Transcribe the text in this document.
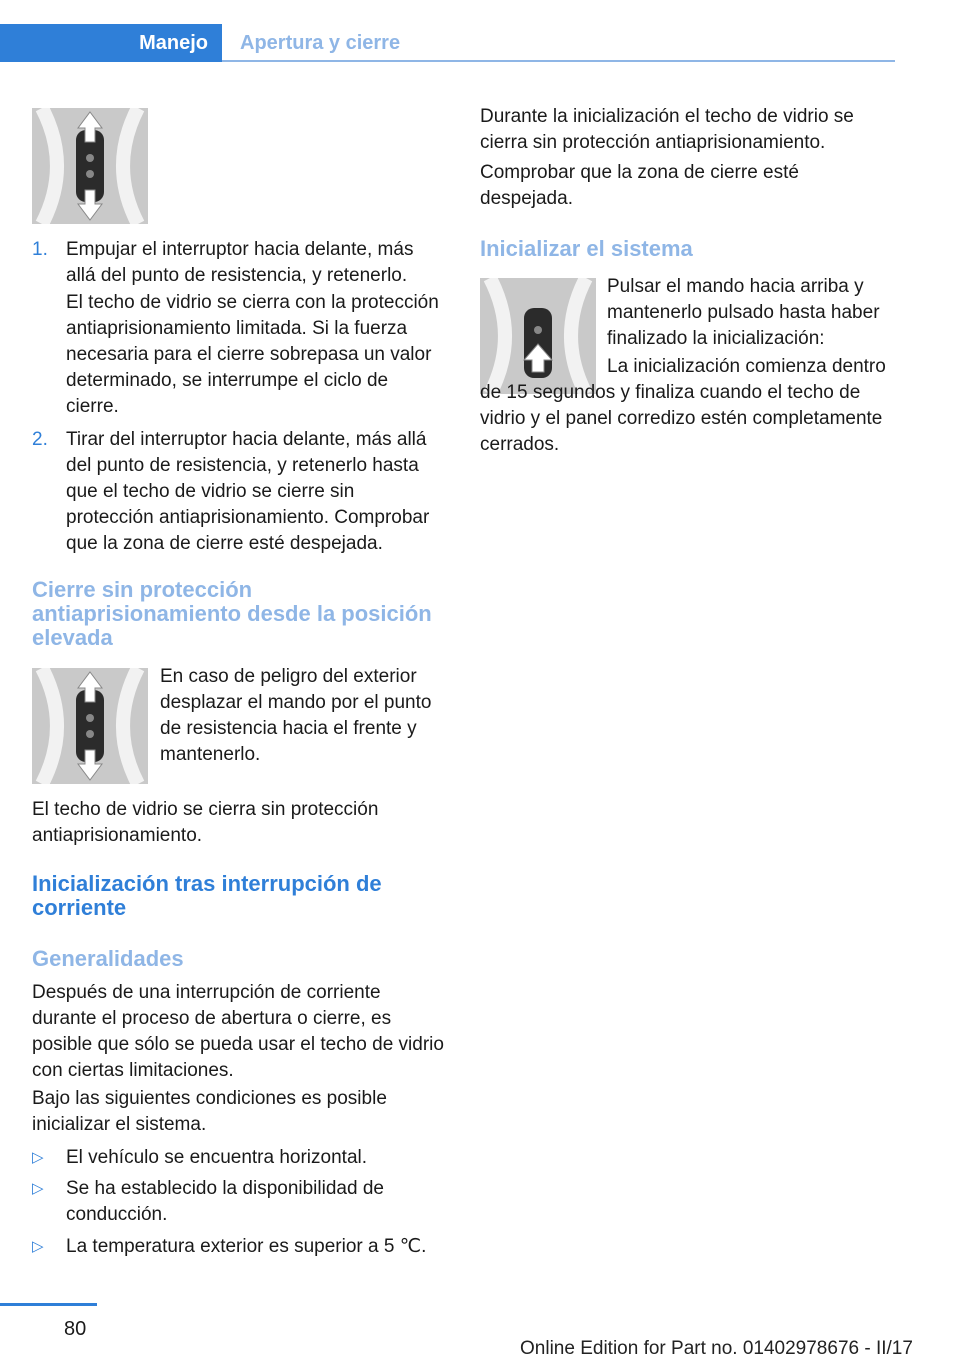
Manejo	Apertura y cierre
1. Empujar el interruptor hacia delante, más allá del punto de resistencia, y retenerlo.

El techo de vidrio se cierra con la protección antiaprisionamiento limitada. Si la fuerza necesaria para el cierre sobrepasa un valor determinado, se interrumpe el ciclo de cierre.

2. Tirar del interruptor hacia delante, más allá del punto de resistencia, y retenerlo hasta que el techo de vidrio se cierre sin protección antiaprisionamiento. Comprobar que la zona de cierre esté despejada.

Cierre sin protección antiaprisionamiento desde la posición elevada

En caso de peligro del exterior desplazar el mando por el punto de resistencia hacia el frente y mantenerlo.

El techo de vidrio se cierra sin protección antiaprisionamiento.

Inicialización tras interrupción de corriente
Generalidades

Después de una interrupción de corriente durante el proceso de abertura o cierre, es posible que sólo se pueda usar el techo de vidrio con ciertas limitaciones.

Bajo las siguientes condiciones es posible inicializar el sistema.

▷ El vehículo se encuentra horizontal.

▷ Se ha establecido la disponibilidad de conducción.

▷ La temperatura exterior es superior a 5 ℃.

Durante la inicialización el techo de vidrio se cierra sin protección antiaprisionamiento.

Comprobar que la zona de cierre esté despejada.

Inicializar el sistema

Pulsar el mando hacia arriba y mantenerlo pulsado hasta haber finalizado la inicialización:

La inicialización comienza dentro de 15 segundos y finaliza cuando el techo de vidrio y el panel corredizo estén completamente cerrados.

80
Online Edition for Part no. 01402978676 - II/17
